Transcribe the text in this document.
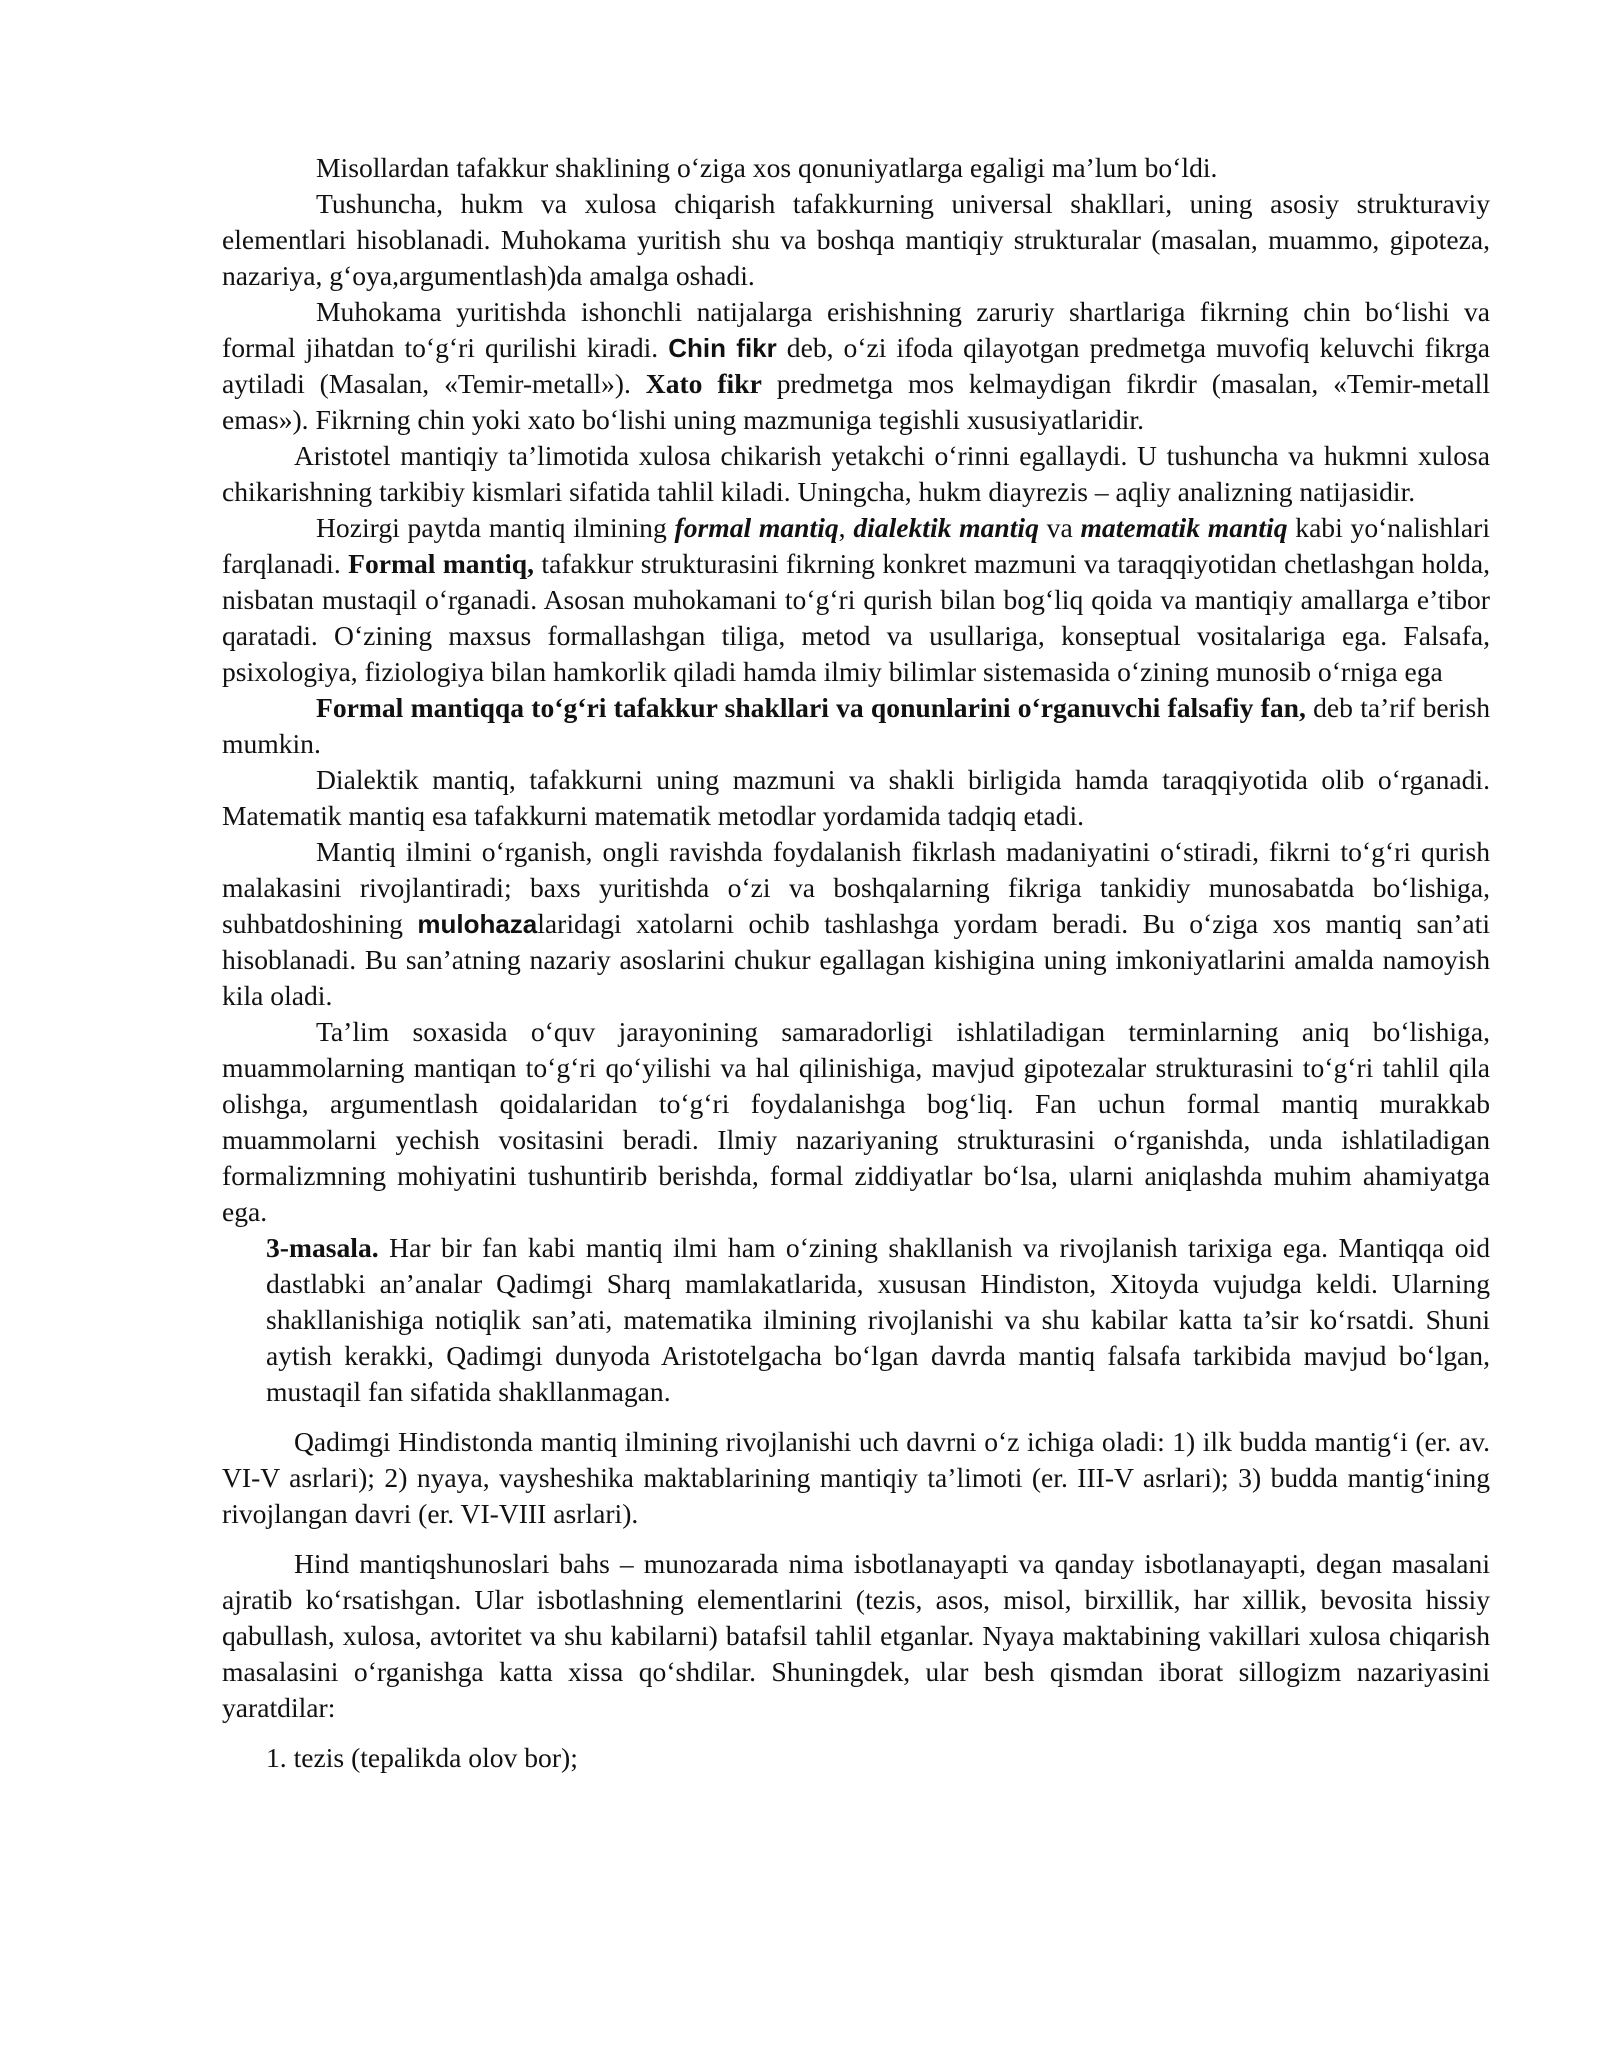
Misollardan tafakkur shaklining o‘ziga xos qonuniyatlarga egaligi ma’lum bo‘ldi.

Tushuncha, hukm va xulosa chiqarish tafakkurning universal shakllari, uning asosiy strukturaviy elementlari hisoblanadi. Muhokama yuritish shu va boshqa mantiqiy strukturalar (masalan, muammo, gipoteza, nazariya, g‘oya,argumentlash)da amalga oshadi.

Muhokama yuritishda ishonchli natijalarga erishishning zaruriy shartlariga fikrning chin bo‘lishi va formal jihatdan to‘g‘ri qurilishi kiradi. Chin fikr deb, o‘zi ifoda qilayotgan predmetga muvofiq keluvchi fikrga aytiladi (Masalan, «Temir-metall»). Xato fikr predmetga mos kelmaydigan fikrdir (masalan, «Temir-metall emas»). Fikrning chin yoki xato bo‘lishi uning mazmuniga tegishli xususiyatlaridir.

Aristotel mantiqiy ta’limotida xulosa chikarish yetakchi o‘rinni egallaydi. U tushuncha va hukmni xulosa chikarishning tarkibiy kismlari sifatida tahlil kiladi. Uningcha, hukm diayrezis – aqliy analizning natijasidir.

Hozirgi paytda mantiq ilmining formal mantiq, dialektik mantiq va matematik mantiq kabi yo‘nalishlari farqlanadi. Formal mantiq, tafakkur strukturasini fikrning konkret mazmuni va taraqqiyotidan chetlashgan holda, nisbatan mustaqil o‘rganadi. Asosan muhokamani to‘g‘ri qurish bilan bog‘liq qoida va mantiqiy amallarga e’tibor qaratadi. O‘zining maxsus formallashgan tiliga, metod va usullariga, konseptual vositalariga ega. Falsafa, psixologiya, fiziologiya bilan hamkorlik qiladi hamda ilmiy bilimlar sistemasida o‘zining munosib o‘rniga ega

Formal mantiqqa to‘g‘ri tafakkur shakllari va qonunlarini o‘rganuvchi falsafiy fan, deb ta’rif berish mumkin.

Dialektik mantiq, tafakkurni uning mazmuni va shakli birligida hamda taraqqiyotida olib o‘rganadi. Matematik mantiq esa tafakkurni matematik metodlar yordamida tadqiq etadi.

Mantiq ilmini o‘rganish, ongli ravishda foydalanish fikrlash madaniyatini o‘stiradi, fikrni to‘g‘ri qurish malakasini rivojlantiradi; baxs yuritishda o‘zi va boshqalarning fikriga tankidiy munosabatda bo‘lishiga, suhbatdoshining mulohazalaridagi xatolarni ochib tashlashga yordam beradi. Bu o‘ziga xos mantiq san’ati hisoblanadi. Bu san’atning nazariy asoslarini chukur egallagan kishigina uning imkoniyatlarini amalda namoyish kila oladi.

Ta’lim soxasida o‘quv jarayonining samaradorligi ishlatiladigan terminlarning aniq bo‘lishiga, muammolarning mantiqan to‘g‘ri qo‘yilishi va hal qilinishiga, mavjud gipotezalar strukturasini to‘g‘ri tahlil qila olishga, argumentlash qoidalaridan to‘g‘ri foydalanishga bog‘liq. Fan uchun formal mantiq murakkab muammolarni yechish vositasini beradi. Ilmiy nazariyaning strukturasini o‘rganishda, unda ishlatiladigan formalizmning mohiyatini tushuntirib berishda, formal ziddiyatlar bo‘lsa, ularni aniqlashda muhim ahamiyatga ega.

3-masala. Har bir fan kabi mantiq ilmi ham o‘zining shakllanish va rivojlanish tarixiga ega. Mantiqqa oid dastlabki an’analar Qadimgi Sharq mamlakatlarida, xususan Hindiston, Xitoyda vujudga keldi. Ularning shakllanishiga notiqlik san’ati, matematika ilmining rivojlanishi va shu kabilar katta ta’sir ko‘rsatdi. Shuni aytish kerakki, Qadimgi dunyoda Aristotelgacha bo‘lgan davrda mantiq falsafa tarkibida mavjud bo‘lgan, mustaqil fan sifatida shakllanmagan.

Qadimgi Hindistonda mantiq ilmining rivojlanishi uch davrni o‘z ichiga oladi: 1) ilk budda mantig‘i (er. av. VI-V asrlari); 2) nyaya, vaysheshika maktablarining mantiqiy ta’limoti (er. III-V asrlari); 3) budda mantig‘ining rivojlangan davri (er. VI-VIII asrlari).

Hind mantiqshunoslari bahs – munozarada nima isbotlanayapti va qanday isbotlanayapti, degan masalani ajratib ko‘rsatishgan. Ular isbotlashning elementlarini (tezis, asos, misol, birxillik, har xillik, bevosita hissiy qabullash, xulosa, avtoritet va shu kabilarni) batafsil tahlil etganlar. Nyaya maktabining vakillari xulosa chiqarish masalasini o‘rganishga katta xissa qo‘shdilar. Shuningdek, ular besh qismdan iborat sillogizm nazariyasini yaratdilar:

1. tezis (tepalikda olov bor);
